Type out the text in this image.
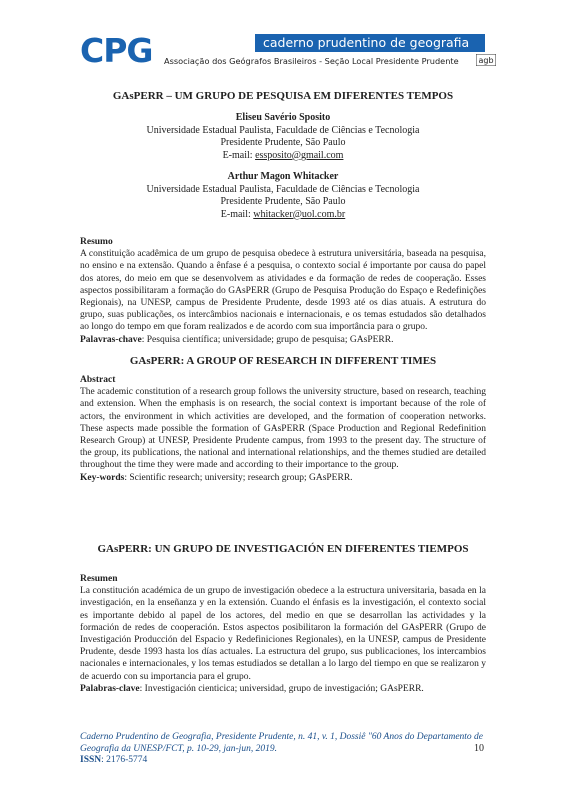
CPG	caderno prudentino de geografia
Associação dos Geógrafos Brasileiros - Seção Local Presidente Prudente	agb
GAsPERR – UM GRUPO DE PESQUISA EM DIFERENTES TEMPOS
Eliseu Savério Sposito
Universidade Estadual Paulista, Faculdade de Ciências e Tecnologia
Presidente Prudente, São Paulo
E-mail: essposito@gmail.com
Arthur Magon Whitacker
Universidade Estadual Paulista, Faculdade de Ciências e Tecnologia
Presidente Prudente, São Paulo
E-mail: whitacker@uol.com.br
Resumo
A constituição acadêmica de um grupo de pesquisa obedece à estrutura universitária, baseada na pesquisa, no ensino e na extensão. Quando a ênfase é a pesquisa, o contexto social é importante por causa do papel dos atores, do meio em que se desenvolvem as atividades e da formação de redes de cooperação. Esses aspectos possibilitaram a formação do GAsPERR (Grupo de Pesquisa Produção do Espaço e Redefinições Regionais), na UNESP, campus de Presidente Prudente, desde 1993 até os dias atuais. A estrutura do grupo, suas publicações, os intercâmbios nacionais e internacionais, e os temas estudados são detalhados ao longo do tempo em que foram realizados e de acordo com sua importância para o grupo.
Palavras-chave: Pesquisa científica; universidade; grupo de pesquisa; GAsPERR.
GAsPERR: A GROUP OF RESEARCH IN DIFFERENT TIMES
Abstract
The academic constitution of a research group follows the university structure, based on research, teaching and extension. When the emphasis is on research, the social context is important because of the role of actors, the environment in which activities are developed, and the formation of cooperation networks. These aspects made possible the formation of GAsPERR (Space Production and Regional Redefinition Research Group) at UNESP, Presidente Prudente campus, from 1993 to the present day. The structure of the group, its publications, the national and international relationships, and the themes studied are detailed throughout the time they were made and according to their importance to the group.
Key-words: Scientific research; university; research group; GAsPERR.
GAsPERR: UN GRUPO DE INVESTIGACIÓN EN DIFERENTES TIEMPOS
Resumen
La constitución académica de un grupo de investigación obedece a la estructura universitaria, basada en la investigación, en la enseñanza y en la extensión. Cuando el énfasis es la investigación, el contexto social es importante debido al papel de los actores, del medio en que se desarrollan las actividades y la formación de redes de cooperación. Estos aspectos posibilitaron la formación del GAsPERR (Grupo de Investigación Producción del Espacio y Redefiniciones Regionales), en la UNESP, campus de Presidente Prudente, desde 1993 hasta los días actuales. La estructura del grupo, sus publicaciones, los intercambios nacionales e internacionales, y los temas estudiados se detallan a lo largo del tiempo en que se realizaron y de acuerdo con su importancia para el grupo.
Palabras-clave: Investigación cienticica; universidad, grupo de investigación; GAsPERR.
Caderno Prudentino de Geografia, Presidente Prudente, n. 41, v. 1, Dossiê "60 Anos do Departamento de Geografia da UNESP/FCT, p. 10-29, jan-jun, 2019.	10
ISSN: 2176-5774
